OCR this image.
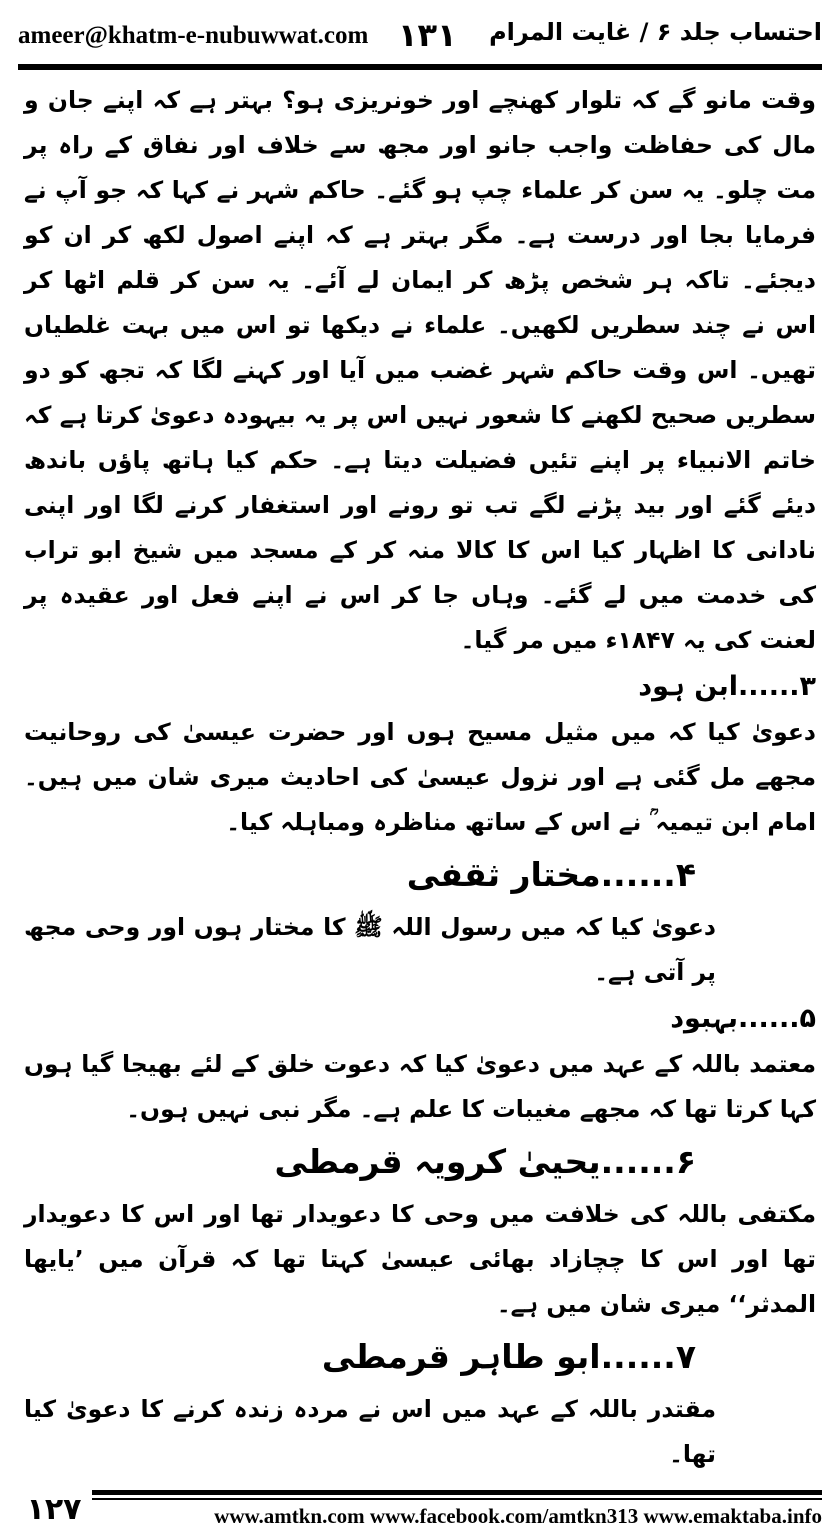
ameer@khatm-e-nubuwwat.com ۱۳۱ احتساب جلد ۶ / غایت المرام

وقت مانو گے کہ تلوار کھنچے اور خونریزی ہو؟ بہتر ہے کہ اپنے جان و مال کی حفاظت واجب جانو اور مجھ سے خلاف اور نفاق کے راہ پر مت چلو۔ یہ سن کر علماء چپ ہو گئے۔ حاکم شہر نے کہا کہ جو آپ نے فرمایا بجا اور درست ہے۔ مگر بہتر ہے کہ اپنے اصول لکھ کر ان کو دیجئے۔ تاکہ ہر شخص پڑھ کر ایمان لے آئے۔ یہ سن کر قلم اٹھا کر اس نے چند سطریں لکھیں۔ علماء نے دیکھا تو اس میں بہت غلطیاں تھیں۔ اس وقت حاکم شہر غضب میں آیا اور کہنے لگا کہ تجھ کو دو سطریں صحیح لکھنے کا شعور نہیں اس پر یہ بیہودہ دعویٰ کرتا ہے کہ خاتم الانبیاء پر اپنے تئیں فضیلت دیتا ہے۔ حکم کیا ہاتھ پاؤں باندھ دیئے گئے اور بید پڑنے لگے تب تو رونے اور استغفار کرنے لگا اور اپنی نادانی کا اظہار کیا اس کا کالا منہ کر کے مسجد میں شیخ ابو تراب کی خدمت میں لے گئے۔ وہاں جا کر اس نے اپنے فعل اور عقیدہ پر لعنت کی یہ ۱۸۴۷ء میں مر گیا۔

۳......ابن ہود

دعویٰ کیا کہ میں مثیل مسیح ہوں اور حضرت عیسیٰ کی روحانیت مجھے مل گئی ہے اور نزول عیسیٰ کی احادیث میری شان میں ہیں۔ امام ابن تیمیہ ؒ نے اس کے ساتھ مناظرہ ومباہلہ کیا۔

۴......مختار ثقفی

دعویٰ کیا کہ میں رسول اللہ ﷺ کا مختار ہوں اور وحی مجھ پر آتی ہے۔

۵......بہبود

معتمد باللہ کے عہد میں دعویٰ کیا کہ دعوت خلق کے لئے بھیجا گیا ہوں کہا کرتا تھا کہ مجھے مغیبات کا علم ہے۔ مگر نبی نہیں ہوں۔

۶......یحییٰ کرویہ قرمطی

مکتفی باللہ کی خلافت میں وحی کا دعویدار تھا اور اس کا دعویدار تھا اور اس کا چچازاد بھائی عیسیٰ کہتا تھا کہ قرآن میں ’یایھا المدثر‘‘ میری شان میں ہے۔

۷......ابو طاہر قرمطی

مقتدر باللہ کے عہد میں اس نے مردہ زندہ کرنے کا دعویٰ کیا تھا۔

۱۲۷	www.amtkn.com www.facebook.com/amtkn313 www.emaktaba.info
